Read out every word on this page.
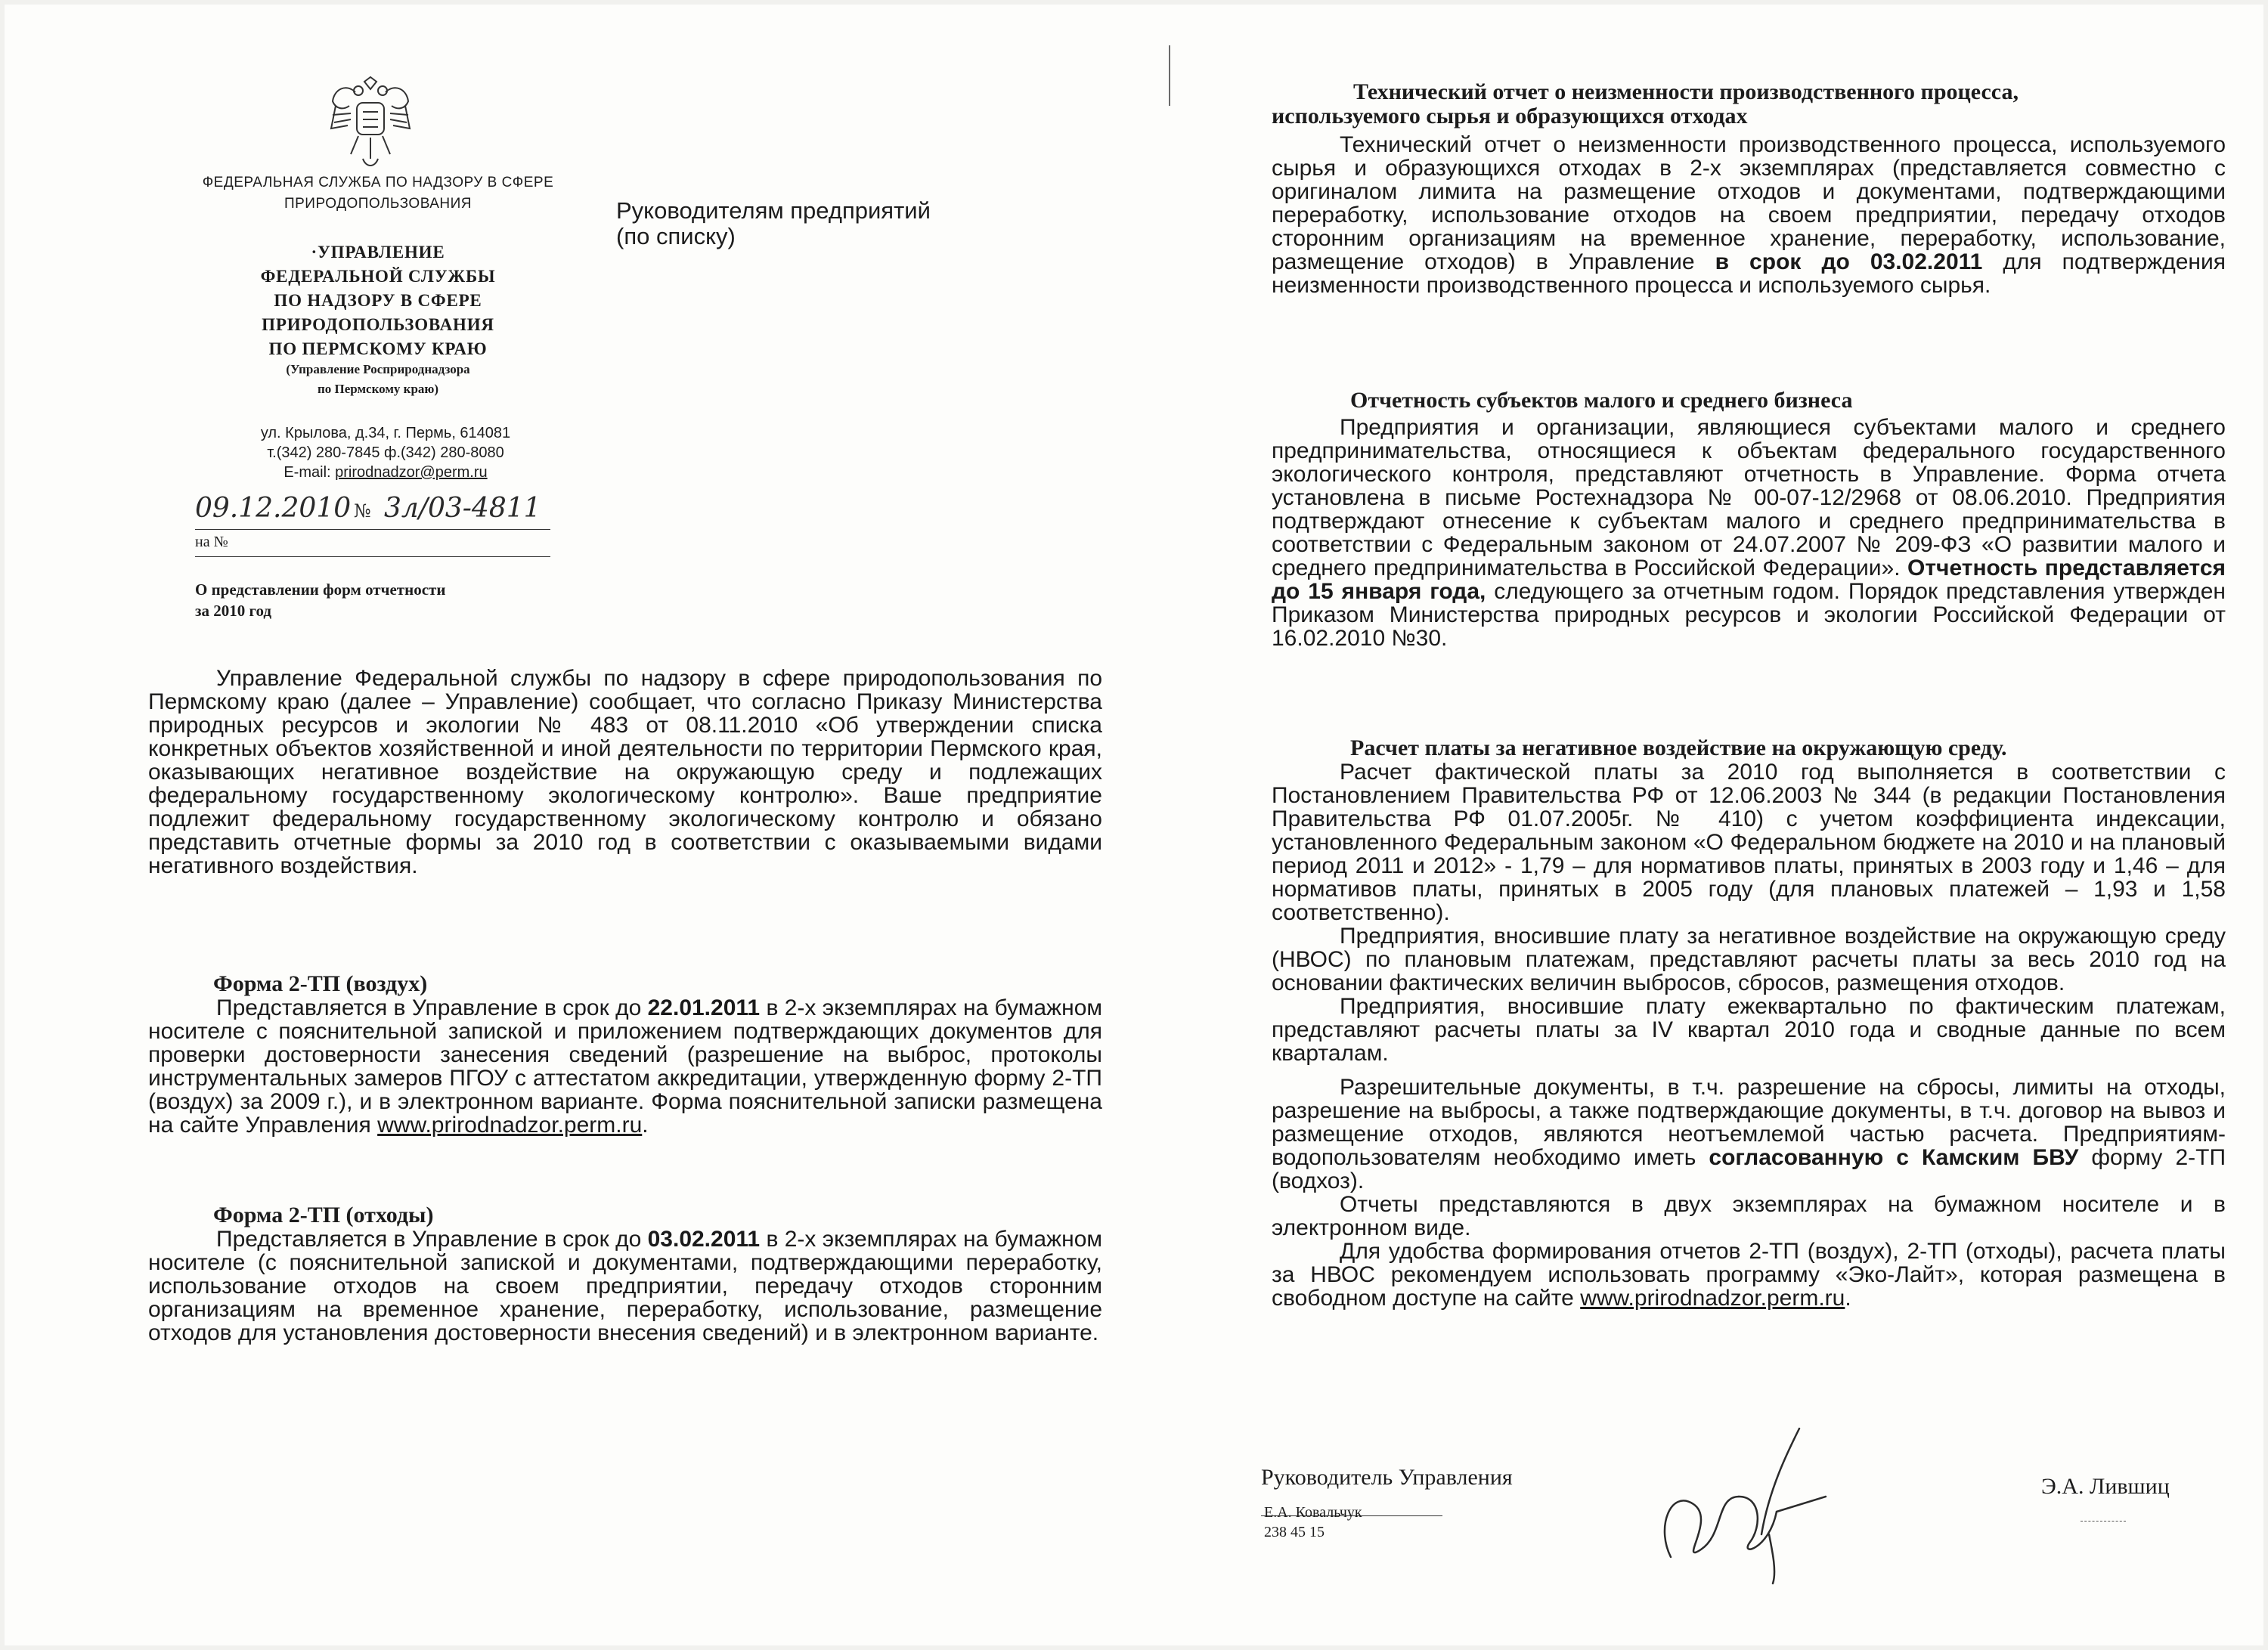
ФЕДЕРАЛЬНАЯ СЛУЖБА ПО НАДЗОРУ В СФЕРЕ
ПРИРОДОПОЛЬЗОВАНИЯ
·УПРАВЛЕНИЕ
ФЕДЕРАЛЬНОЙ СЛУЖБЫ
ПО НАДЗОРУ В СФЕРЕ
ПРИРОДОПОЛЬЗОВАНИЯ
ПО ПЕРМСКОМУ КРАЮ
(Управление Росприроднадзора
по Пермскому краю)
ул. Крылова, д.34, г. Пермь, 614081
т.(342) 280-7845 ф.(342) 280-8080
E-mail: prirodnadzor@perm.ru
09.12.2010 № 3л/03-4811
на №
О представлении форм отчетности
за 2010 год
Руководителям предприятий
(по списку)

Управление Федеральной службы по надзору в сфере природопользования по Пермскому краю (далее – Управление) сообщает, что согласно Приказу Министерства природных ресурсов и экологии № 483 от 08.11.2010 «Об утверждении списка конкретных объектов хозяйственной и иной деятельности по территории Пермского края, оказывающих негативное воздействие на окружающую среду и подлежащих федеральному государственному экологическому контролю». Ваше предприятие подлежит федеральному государственному экологическому контролю и обязано представить отчетные формы за 2010 год в соответствии с оказываемыми видами негативного воздействия.

Форма 2-ТП (воздух)

Представляется в Управление в срок до 22.01.2011 в 2-х экземплярах на бумажном носителе с пояснительной запиской и приложением подтверждающих документов для проверки достоверности занесения сведений (разрешение на выброс, протоколы инструментальных замеров ПГОУ с аттестатом аккредитации, утвержденную форму 2-ТП (воздух) за 2009 г.), и в электронном варианте. Форма пояснительной записки размещена на сайте Управления www.prirodnadzor.perm.ru.

Форма 2-ТП (отходы)

Представляется в Управление в срок до 03.02.2011 в 2-х экземплярах на бумажном носителе (с пояснительной запиской и документами, подтверждающими переработку, использование отходов на своем предприятии, передачу отходов сторонним организациям на временное хранение, переработку, использование, размещение отходов для установления достоверности внесения сведений) и в электронном варианте.

Технический отчет о неизменности производственного процесса,
используемого сырья и образующихся отходах

Технический отчет о неизменности производственного процесса, используемого сырья и образующихся отходах в 2-х экземплярах (представляется совместно с оригиналом лимита на размещение отходов и документами, подтверждающими переработку, использование отходов на своем предприятии, передачу отходов сторонним организациям на временное хранение, переработку, использование, размещение отходов) в Управление в срок до 03.02.2011 для подтверждения неизменности производственного процесса и используемого сырья.

Отчетность субъектов малого и среднего бизнеса

Предприятия и организации, являющиеся субъектами малого и среднего предпринимательства, относящиеся к объектам федерального государственного экологического контроля, представляют отчетность в Управление. Форма отчета установлена в письме Ростехнадзора № 00-07-12/2968 от 08.06.2010. Предприятия подтверждают отнесение к субъектам малого и среднего предпринимательства в соответствии с Федеральным законом от 24.07.2007 № 209-ФЗ «О развитии малого и среднего предпринимательства в Российской Федерации». Отчетность представляется до 15 января года, следующего за отчетным годом. Порядок представления утвержден Приказом Министерства природных ресурсов и экологии Российской Федерации от 16.02.2010 №30.

Расчет платы за негативное воздействие на окружающую среду.

Расчет фактической платы за 2010 год выполняется в соответствии с Постановлением Правительства РФ от 12.06.2003 № 344 (в редакции Постановления Правительства РФ 01.07.2005г. № 410) с учетом коэффициента индексации, установленного Федеральным законом «О Федеральном бюджете на 2010 и на плановый период 2011 и 2012» - 1,79 – для нормативов платы, принятых в 2003 году и 1,46 – для нормативов платы, принятых в 2005 году (для плановых платежей – 1,93 и 1,58 соответственно).

Предприятия, вносившие плату за негативное воздействие на окружающую среду (НВОС) по плановым платежам, представляют расчеты платы за весь 2010 год на основании фактических величин выбросов, сбросов, размещения отходов.

Предприятия, вносившие плату ежеквартально по фактическим платежам, представляют расчеты платы за IV квартал 2010 года и сводные данные по всем кварталам.

Разрешительные документы, в т.ч. разрешение на сбросы, лимиты на отходы, разрешение на выбросы, а также подтверждающие документы, в т.ч. договор на вывоз и размещение отходов, являются неотъемлемой частью расчета. Предприятиям-водопользователям необходимо иметь согласованную с Камским БВУ форму 2-ТП (водхоз).

Отчеты представляются в двух экземплярах на бумажном носителе и в электронном виде.

Для удобства формирования отчетов 2-ТП (воздух), 2-ТП (отходы), расчета платы за НВОС рекомендуем использовать программу «Эко-Лайт», которая размещена в свободном доступе на сайте www.prirodnadzor.perm.ru.

Руководитель Управления	Э.А. Лившиц
Е.А. Ковальчук
238 45 15
